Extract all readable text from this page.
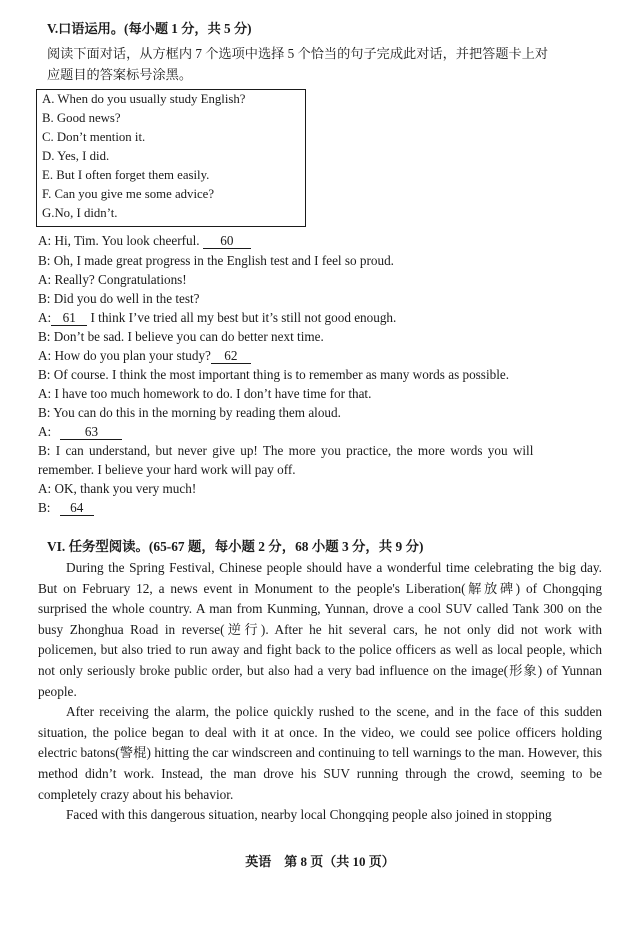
V.口语运用。(每小题 1 分，共 5 分)
阅读下面对话，从方框内 7 个选项中选择 5 个恰当的句子完成此对话，并把答题卡上对
应题目的答案标号涂黑。
A. When do you usually study English?
B. Good news?
C. Don’t mention it.
D. Yes, I did.
E. But I often forget them easily.
F. Can you give me some advice?
G.No, I didn’t.
A: Hi, Tim. You look cheerful. 60
B: Oh, I made great progress in the English test and I feel so proud.
A: Really? Congratulations!
B: Did you do well in the test?
A: 61 I think I’ve tried all my best but it’s still not good enough.
B: Don’t be sad. I believe you can do better next time.
A: How do you plan your study? 62
B: Of course. I think the most important thing is to remember as many words as possible.
A: I have too much homework to do. I don’t have time for that.
B: You can do this in the morning by reading them aloud.
A:	63
B: I can understand, but never give up! The more you practice, the more words you will
remember. I believe your hard work will pay off.
A: OK, thank you very much!
B: 64
VI. 任务型阅读。(65-67 题，每小题 2 分，68 小题 3 分，共 9 分)

During the Spring Festival, Chinese people should have a wonderful time celebrating the big day. But on February 12, a news event in Monument to the people's Liberation(解放碑) of Chongqing surprised the whole country. A man from Kunming, Yunnan, drove a cool SUV called Tank 300 on the busy Zhonghua Road in reverse(逆行). After he hit several cars, he not only did not work with policemen, but also tried to run away and fight back to the police officers as well as local people, which not only seriously broke public order, but also had a very bad influence on the image(形象) of Yunnan people.

After receiving the alarm, the police quickly rushed to the scene, and in the face of this sudden situation, the police began to deal with it at once. In the video, we could see police officers holding electric batons(警棍) hitting the car windscreen and continuing to tell warnings to the man. However, this method didn’t work. Instead, the man drove his SUV running through the crowd, seeming to be completely crazy about his behavior.

Faced with this dangerous situation, nearby local Chongqing people also joined in stopping

英语　第 8 页（共 10 页）
